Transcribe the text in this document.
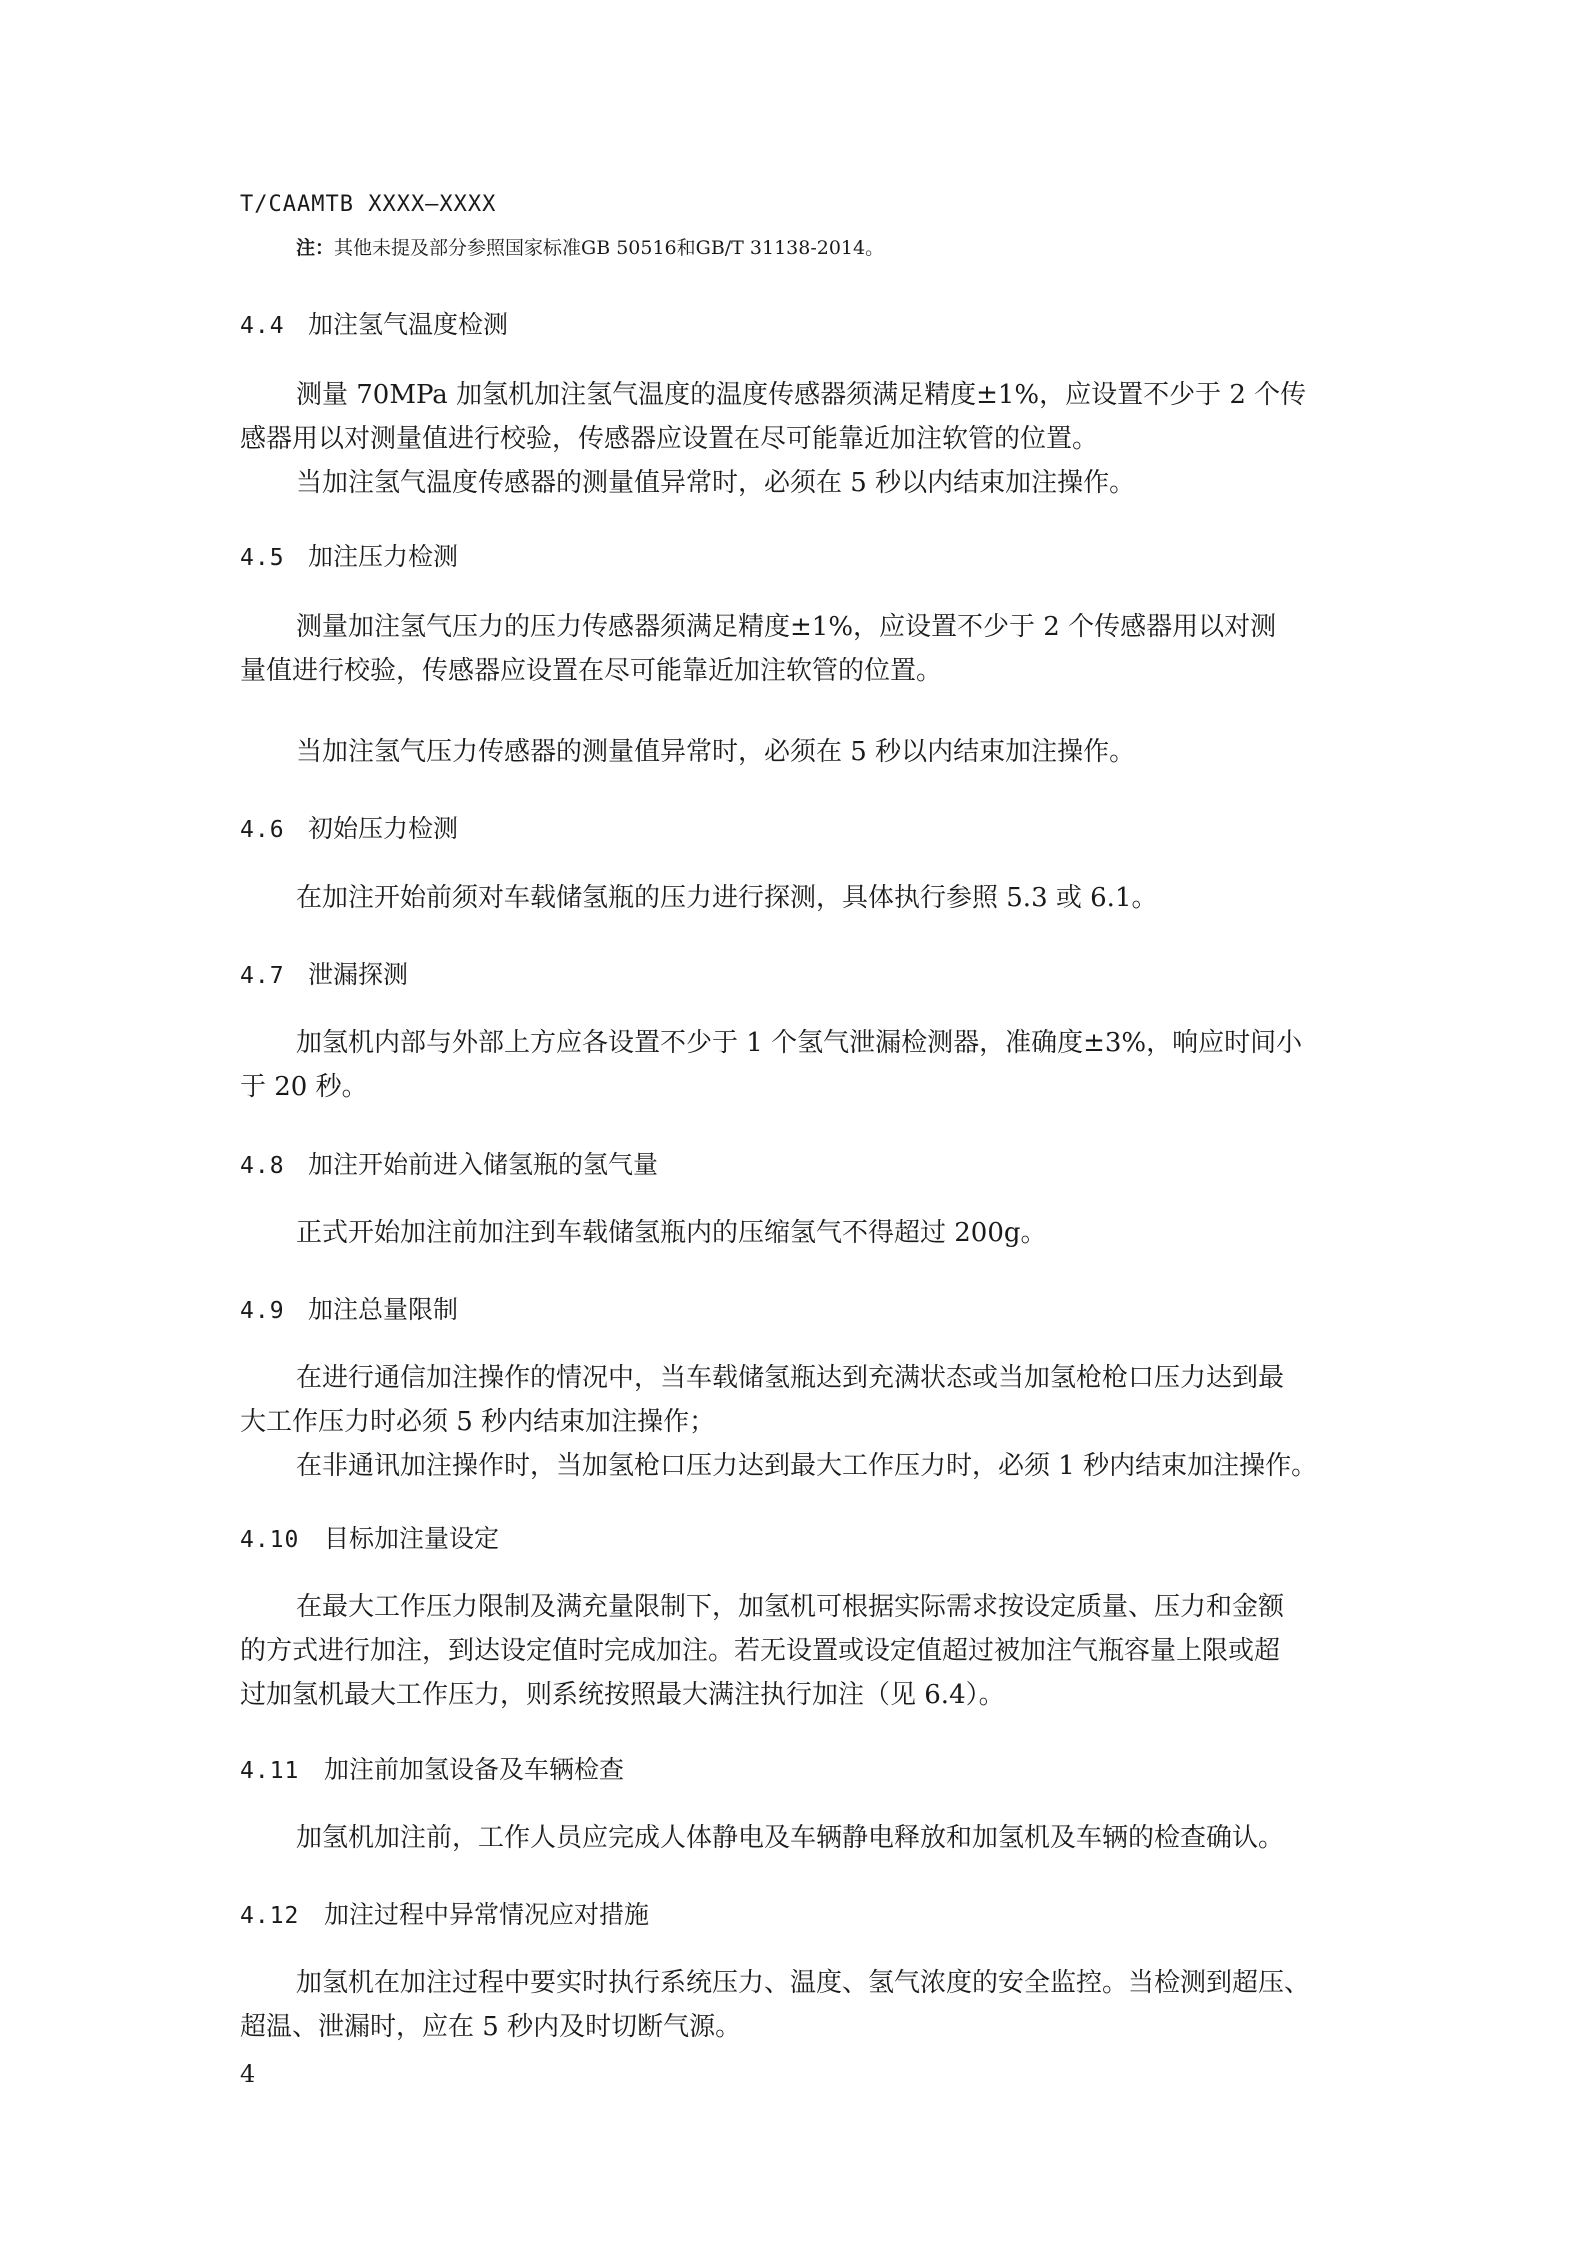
T/CAAMTB XXXX—XXXX
注：其他未提及部分参照国家标准GB 50516和GB/T 31138-2014。
4.4 加注氢气温度检测
测量 70MPa 加氢机加注氢气温度的温度传感器须满足精度±1%，应设置不少于 2 个传
感器用以对测量值进行校验，传感器应设置在尽可能靠近加注软管的位置。
当加注氢气温度传感器的测量值异常时，必须在 5 秒以内结束加注操作。
4.5 加注压力检测
测量加注氢气压力的压力传感器须满足精度±1%，应设置不少于 2 个传感器用以对测
量值进行校验，传感器应设置在尽可能靠近加注软管的位置。
当加注氢气压力传感器的测量值异常时，必须在 5 秒以内结束加注操作。
4.6 初始压力检测
在加注开始前须对车载储氢瓶的压力进行探测，具体执行参照 5.3 或 6.1。
4.7 泄漏探测
加氢机内部与外部上方应各设置不少于 1 个氢气泄漏检测器，准确度±3%，响应时间小
于 20 秒。
4.8 加注开始前进入储氢瓶的氢气量
正式开始加注前加注到车载储氢瓶内的压缩氢气不得超过 200g。
4.9 加注总量限制
在进行通信加注操作的情况中，当车载储氢瓶达到充满状态或当加氢枪枪口压力达到最
大工作压力时必须 5 秒内结束加注操作；
在非通讯加注操作时，当加氢枪口压力达到最大工作压力时，必须 1 秒内结束加注操作。
4.10 目标加注量设定
在最大工作压力限制及满充量限制下，加氢机可根据实际需求按设定质量、压力和金额
的方式进行加注，到达设定值时完成加注。若无设置或设定值超过被加注气瓶容量上限或超
过加氢机最大工作压力，则系统按照最大满注执行加注（见 6.4）。
4.11 加注前加氢设备及车辆检查
加氢机加注前，工作人员应完成人体静电及车辆静电释放和加氢机及车辆的检查确认。
4.12 加注过程中异常情况应对措施
加氢机在加注过程中要实时执行系统压力、温度、氢气浓度的安全监控。当检测到超压、
超温、泄漏时，应在 5 秒内及时切断气源。
4
